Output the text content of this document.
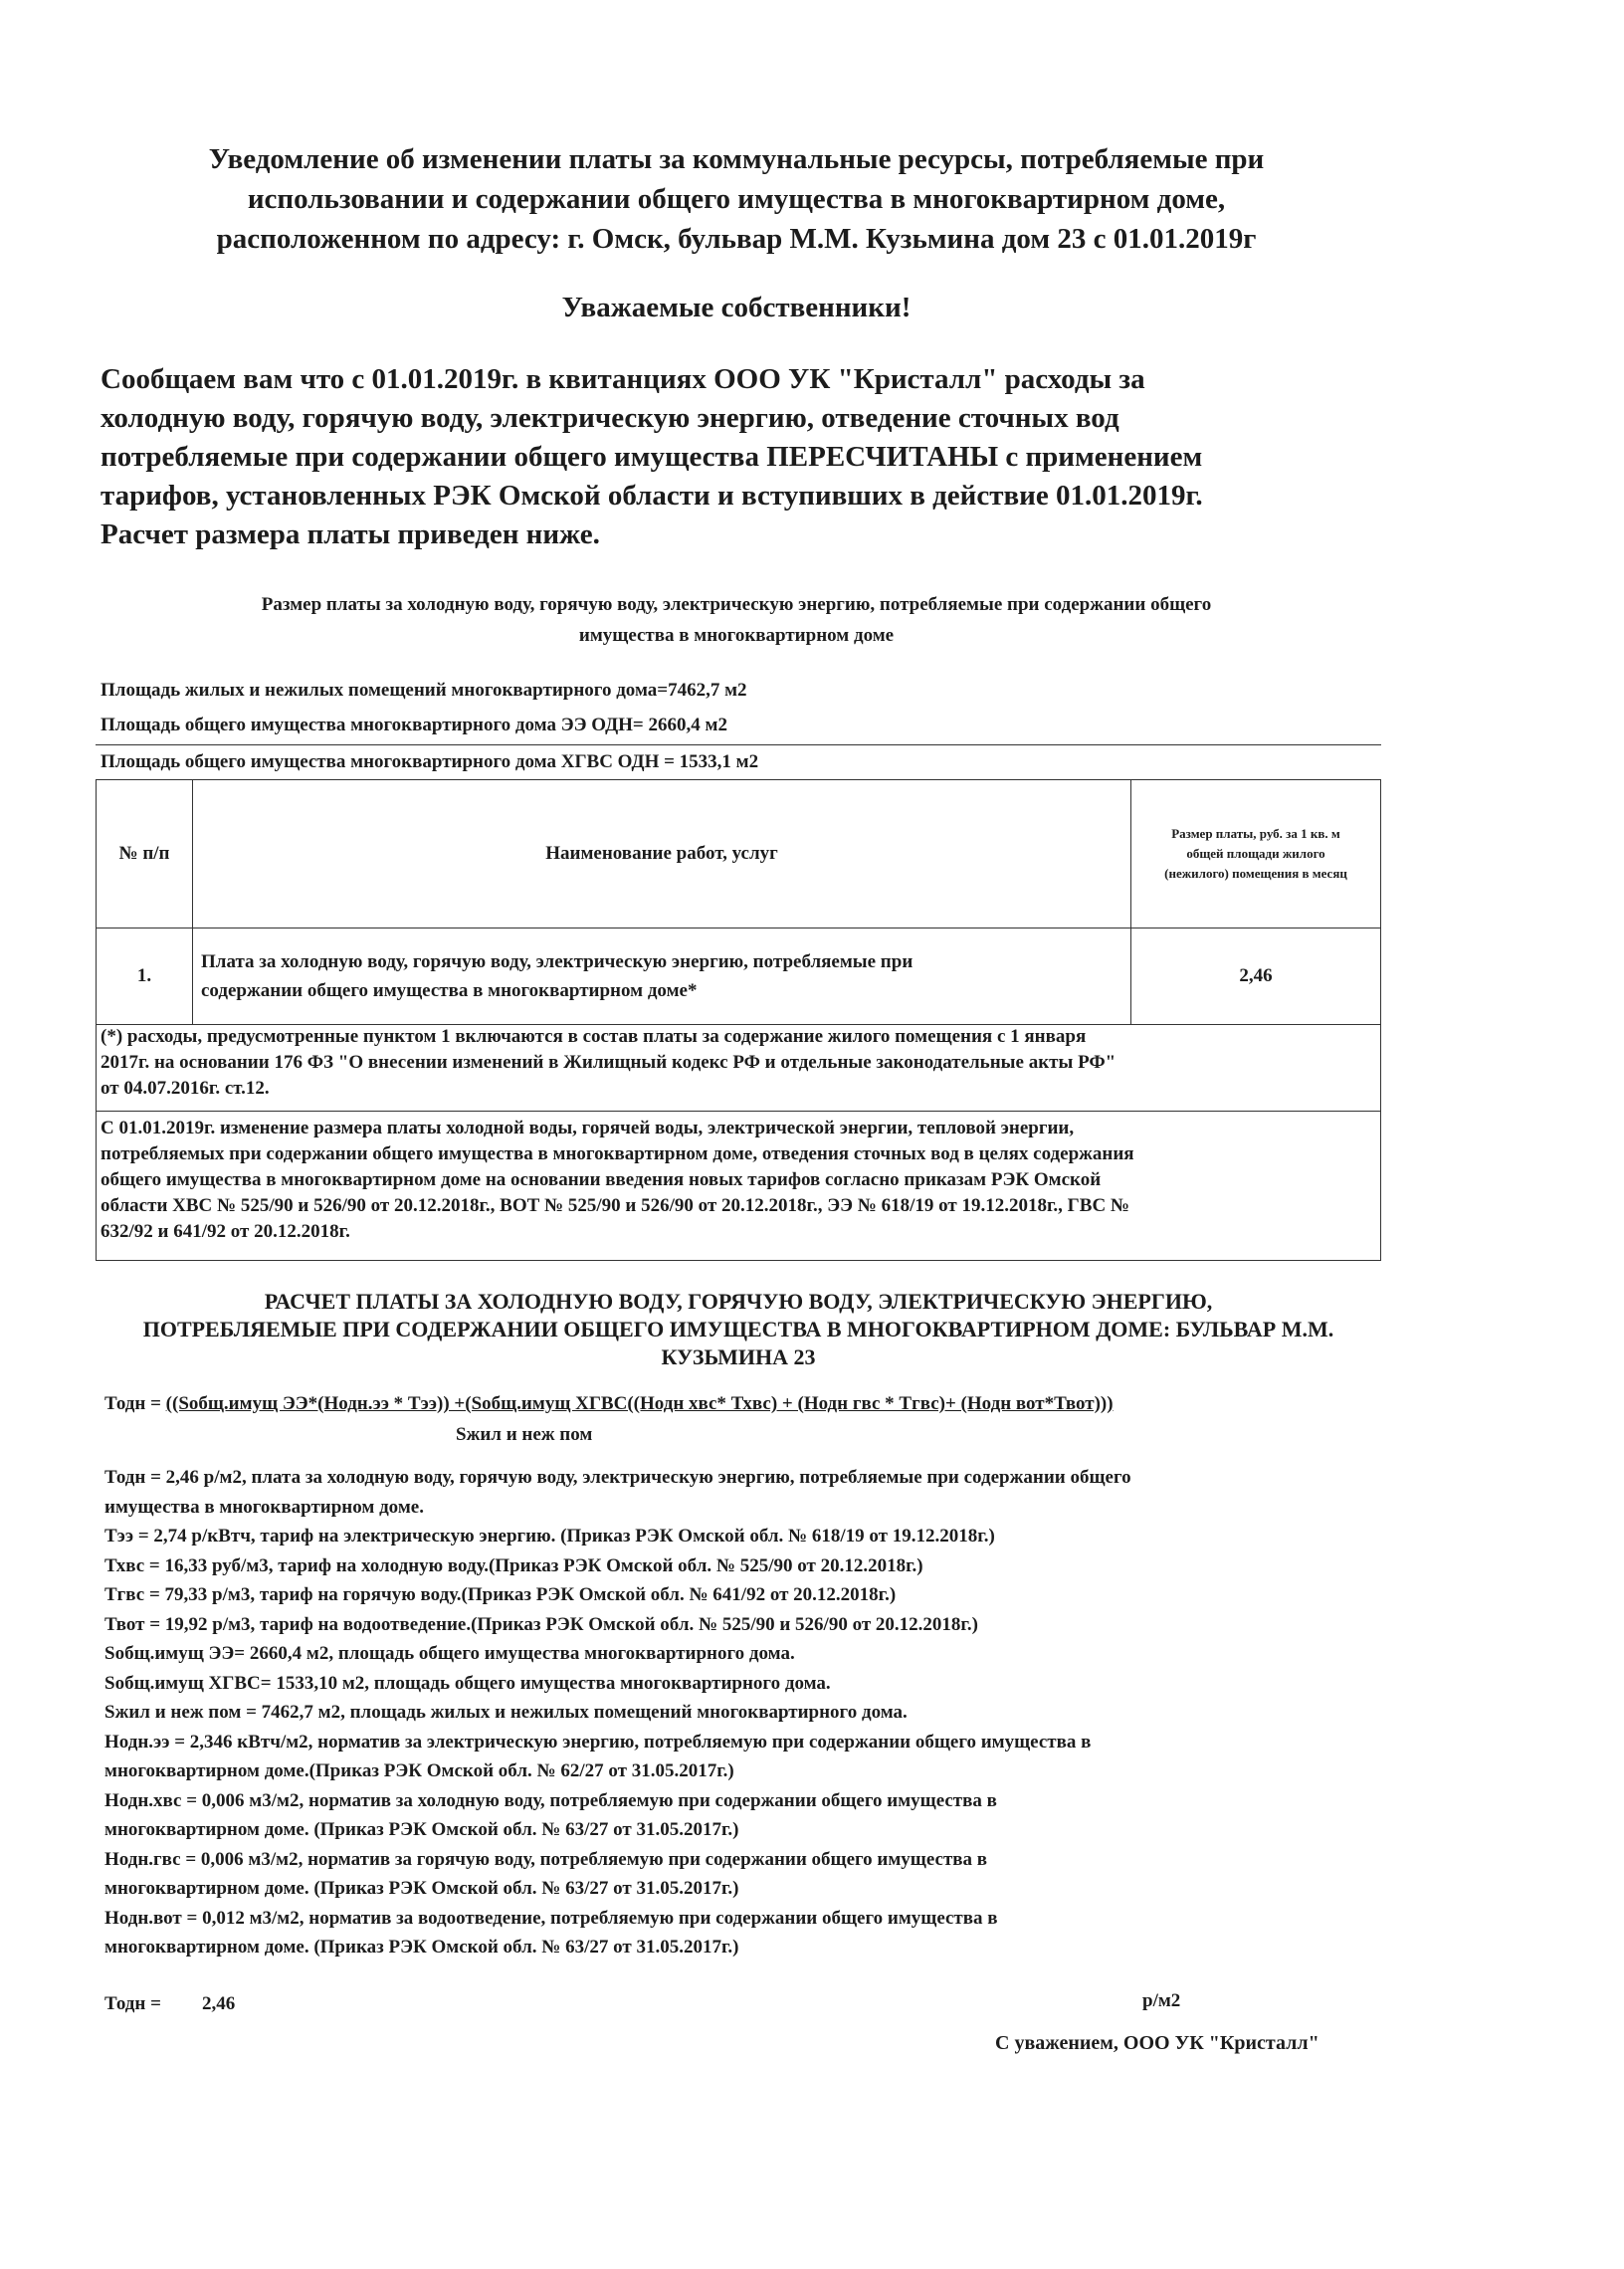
Уведомление об изменении платы за коммунальные ресурсы, потребляемые при
использовании и содержании общего имущества в многоквартирном доме,
расположенном по адресу: г. Омск, бульвар М.М. Кузьмина дом 23 с 01.01.2019г
Уважаемые собственники!

Сообщаем вам что с 01.01.2019г. в квитанциях ООО УК "Кристалл" расходы за

холодную воду, горячую воду, электрическую энергию, отведение сточных вод

потребляемые при содержании общего имущества ПЕРЕСЧИТАНЫ с применением

тарифов, установленных РЭК Омской области и вступивших в действие 01.01.2019г.

Расчет размера платы приведен ниже.

Размер платы за холодную воду, горячую воду, электрическую энергию, потребляемые при содержании общего
имущества в многоквартирном доме
Площадь жилых и нежилых помещений многоквартирного дома=7462,7 м2
Площадь общего имущества многоквартирного дома ЭЭ ОДН= 2660,4 м2
Площадь общего имущества многоквартирного дома ХГВС ОДН = 1533,1 м2
№ п/п	Наименование работ, услуг	Размер платы, руб. за 1 кв. м
общей площади жилого
(нежилого) помещения в месяц

1.	Плата за холодную воду, горячую воду, электрическую энергию, потребляемые при
содержании общего имущества в многоквартирном доме*	2,46

(*) расходы, предусмотренные пунктом 1 включаются в состав платы за содержание жилого помещения с 1 января

2017г. на основании 176 ФЗ "О внесении изменений в Жилищный кодекс РФ и отдельные законодательные акты РФ"

от 04.07.2016г. ст.12.

С 01.01.2019г. изменение размера платы холодной воды, горячей воды, электрической энергии, тепловой энергии,

потребляемых при содержании общего имущества в многоквартирном доме, отведения сточных вод в целях содержания

общего имущества в многоквартирном доме на основании введения новых тарифов согласно приказам РЭК Омской

области ХВС № 525/90 и 526/90 от 20.12.2018г., ВОТ № 525/90 и 526/90 от 20.12.2018г., ЭЭ № 618/19 от 19.12.2018г., ГВС №

632/92 и 641/92 от 20.12.2018г.

РАСЧЕТ ПЛАТЫ ЗА ХОЛОДНУЮ ВОДУ, ГОРЯЧУЮ ВОДУ, ЭЛЕКТРИЧЕСКУЮ ЭНЕРГИЮ,
ПОТРЕБЛЯЕМЫЕ ПРИ СОДЕРЖАНИИ ОБЩЕГО ИМУЩЕСТВА В МНОГОКВАРТИРНОМ ДОМЕ: БУЛЬВАР М.М.
КУЗЬМИНА 23
Тодн = ((Sобщ.имущ ЭЭ*(Нодн.ээ * Тээ)) +(Sобщ.имущ ХГВС((Нодн хвс* Тхвс) + (Нодн гвс * Тгвс)+ (Нодн вот*Твот)))
Sжил и неж пом

Тодн = 2,46 р/м2, плата за холодную воду, горячую воду, электрическую энергию, потребляемые при содержании общего

имущества в многоквартирном доме.

Тээ = 2,74 р/кВтч, тариф на электрическую энергию. (Приказ РЭК Омской обл. № 618/19 от 19.12.2018г.)

Тхвс = 16,33 руб/м3, тариф на холодную воду.(Приказ РЭК Омской обл. № 525/90 от 20.12.2018г.)

Тгвс = 79,33 р/м3, тариф на горячую воду.(Приказ РЭК Омской обл. № 641/92 от 20.12.2018г.)

Твот = 19,92 р/м3, тариф на водоотведение.(Приказ РЭК Омской обл. № 525/90 и 526/90 от 20.12.2018г.)

Sобщ.имущ ЭЭ= 2660,4 м2, площадь общего имущества многоквартирного дома.

Sобщ.имущ ХГВС= 1533,10 м2, площадь общего имущества многоквартирного дома.

Sжил и неж пом = 7462,7 м2, площадь жилых и нежилых помещений многоквартирного дома.

Нодн.ээ = 2,346 кВтч/м2, норматив за электрическую энергию, потребляемую при содержании общего имущества в

многоквартирном доме.(Приказ РЭК Омской обл. № 62/27 от 31.05.2017г.)

Нодн.хвс = 0,006 м3/м2, норматив за холодную воду, потребляемую при содержании общего имущества в

многоквартирном доме. (Приказ РЭК Омской обл. № 63/27 от 31.05.2017г.)

Нодн.гвс = 0,006 м3/м2, норматив за горячую воду, потребляемую при содержании общего имущества в

многоквартирном доме. (Приказ РЭК Омской обл. № 63/27 от 31.05.2017г.)

Нодн.вот = 0,012 м3/м2, норматив за водоотведение, потребляемую при содержании общего имущества в

многоквартирном доме. (Приказ РЭК Омской обл. № 63/27 от 31.05.2017г.)

Тодн = 2,46	р/м2
С уважением, ООО УК "Кристалл"
